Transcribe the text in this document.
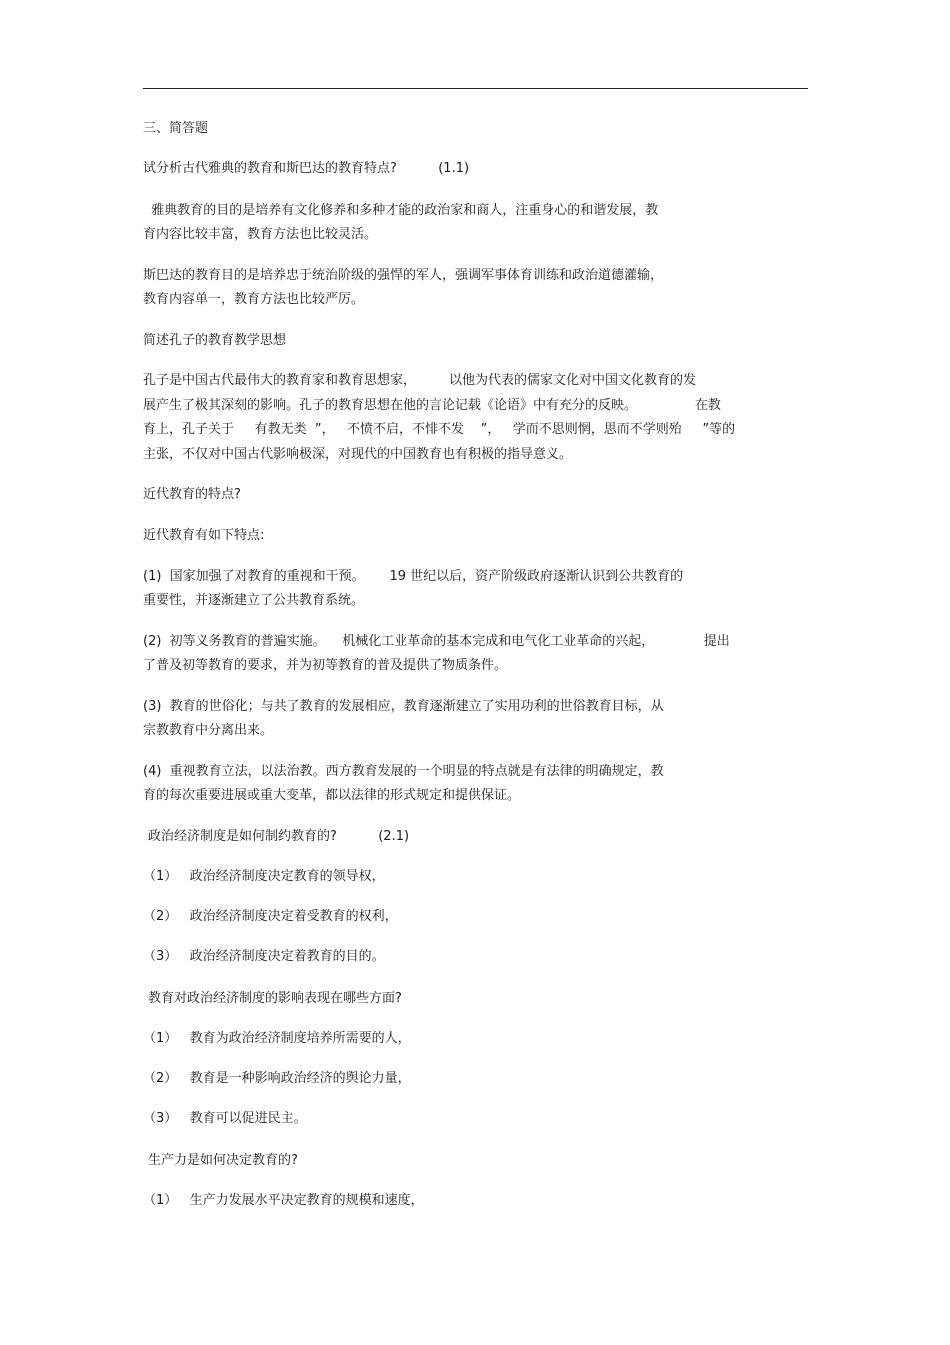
三、简答题
试分析古代雅典的教育和斯巴达的教育特点?          (1.1)
雅典教育的目的是培养有文化修养和多种才能的政治家和商人，注重身心的和谐发展，教
育内容比较丰富，教育方法也比较灵活。
斯巴达的教育目的是培养忠于统治阶级的强悍的军人，强调军事体育训练和政治道德灌输，
教育内容单一，教育方法也比较严厉。
简述孔子的教育教学思想
孔子是中国古代最伟大的教育家和教育思想家，        以他为代表的儒家文化对中国文化教育的发
展产生了极其深刻的影响。孔子的教育思想在他的言论记载《论语》中有充分的反映。              在教
育上，孔子关于     有教无类  ”，   不愤不启，不悱不发    ”，   学而不思则惘，思而不学则殆     ”等的
主张，不仅对中国古代影响极深，对现代的中国教育也有积极的指导意义。
近代教育的特点?
近代教育有如下特点:
(1)  国家加强了对教育的重视和干预。      19 世纪以后，资产阶级政府逐渐认识到公共教育的
重要性，并逐渐建立了公共教育系统。
(2)  初等义务教育的普遍实施。    机械化工业革命的基本完成和电气化工业革命的兴起，            提出
了普及初等教育的要求，并为初等教育的普及提供了物质条件。
(3)  教育的世俗化；与共了教育的发展相应，教育逐渐建立了实用功利的世俗教育目标，从
宗教教育中分离出来。
(4)  重视教育立法，以法治教。西方教育发展的一个明显的特点就是有法律的明确规定，教
育的每次重要进展或重大变革，都以法律的形式规定和提供保证。
政治经济制度是如何制约教育的?          (2.1)
（1）   政治经济制度决定教育的领导权，
（2）   政治经济制度决定着受教育的权利，
（3）   政治经济制度决定着教育的目的。
教育对政治经济制度的影响表现在哪些方面?
（1）   教育为政治经济制度培养所需要的人，
（2）   教育是一种影响政治经济的舆论力量，
（3）   教育可以促进民主。
生产力是如何决定教育的?
（1）   生产力发展水平决定教育的规模和速度，
